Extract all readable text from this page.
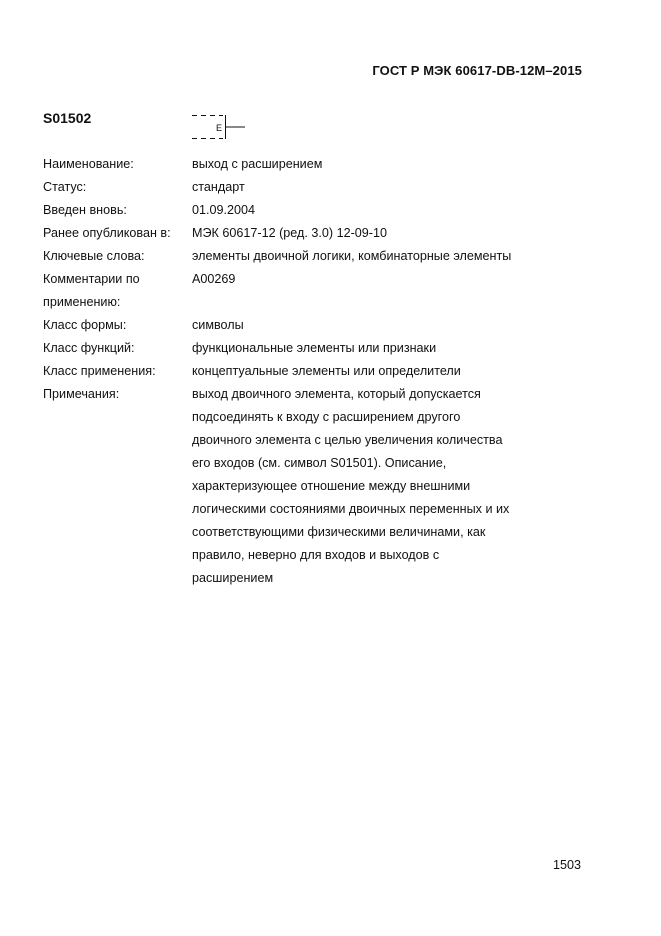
ГОСТ Р МЭК 60617-DB-12M–2015
S01502
E
Наименование:	выход с расширением
Статус:	стандарт
Введен вновь:	01.09.2004
Ранее опубликован в:	МЭК 60617-12 (ред. 3.0) 12-09-10
Ключевые слова:	элементы двоичной логики, комбинаторные элементы
Комментарии по	A00269
применению:
Класс формы:	символы
Класс функций:	функциональные элементы или признаки
Класс применения:	концептуальные элементы или определители
Примечания:	выход двоичного элемента, который допускается
подсоединять к входу с расширением другого
двоичного элемента с целью увеличения количества
его входов (см. символ S01501). Описание,
характеризующее отношение между внешними
логическими состояниями двоичных переменных и их
соответствующими физическими величинами, как
правило, неверно для входов и выходов с
расширением
1503
